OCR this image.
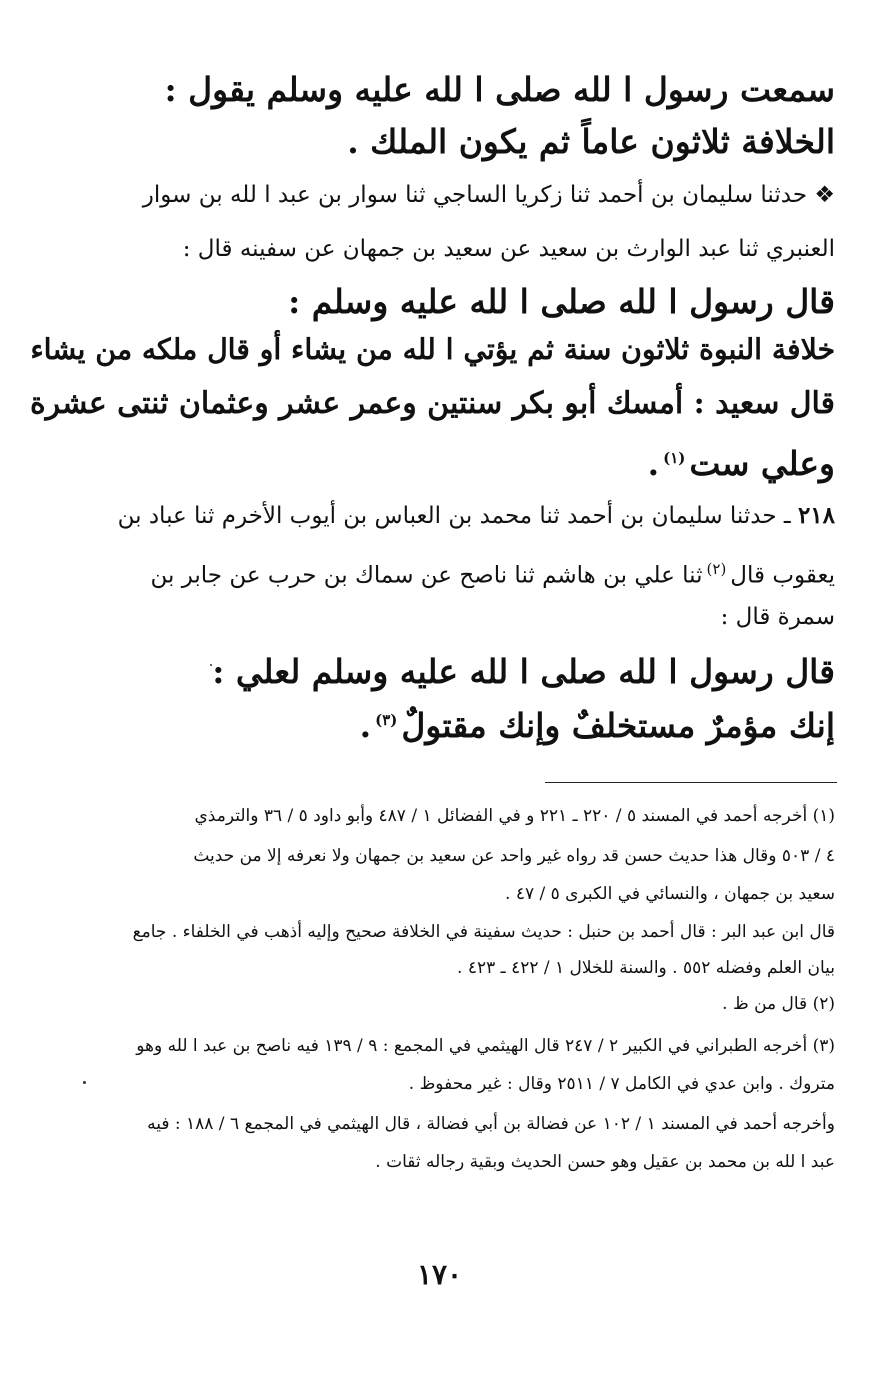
سمعت رسول ا لله صلى ا لله عليه وسلم يقول :
الخلافة ثلاثون عاماً ثم يكون الملك .
❖ حدثنا سليمان بن أحمد ثنا زكريا الساجي ثنا سوار بن عبد ا لله بن سوار
العنبري ثنا عبد الوارث بن سعيد عن سعيد بن جمهان عن سفينه قال :
قال رسول ا لله صلى ا لله عليه وسلم :
خلافة النبوة ثلاثون سنة ثم يؤتي ا لله من يشاء أو قال ملكه من يشاء
قال سعيد : أمسك أبو بكر سنتين وعمر عشر وعثمان ثنتى عشرة
وعلي ست$^{(١)}$.
٢١٨ ـ حدثنا سليمان بن أحمد ثنا محمد بن العباس بن أيوب الأخرم ثنا عباد بن
يعقوب قال$^{(٢)}$ثنا علي بن هاشم ثنا ناصح عن سماك بن حرب عن جابر بن
سمرة قال :
قال رسول ا لله صلى ا لله عليه وسلم لعلي :
إنك مؤمرٌ مستخلفٌ وإنك مقتولٌ$^{(٣)}$.
(١) أخرجه أحمد في المسند ٥ / ٢٢٠ ـ ٢٢١ و في الفضائل ١ / ٤٨٧ وأبو داود ٥ / ٣٦ والترمذي
٤ / ٥٠٣ وقال هذا حديث حسن قد رواه غير واحد عن سعيد بن جمهان ولا نعرفه إلا من حديث
سعيد بن جمهان ، والنسائي في الكبرى ٥ / ٤٧ .
قال ابن عبد البر : قال أحمد بن حنبل : حديث سفينة في الخلافة صحيح وإليه أذهب في الخلفاء . جامع
بيان العلم وفضله ٥٥٢ . والسنة للخلال ١ / ٤٢٢ ـ ٤٢٣ .
(٢) قال من ظ .
(٣) أخرجه الطبراني في الكبير ٢ / ٢٤٧ قال الهيثمي في المجمع : ٩ / ١٣٩ فيه ناصح بن عبد ا لله وهو
متروك . وابن عدي في الكامل ٧ / ٢٥١١ وقال : غير محفوظ .
وأخرجه أحمد في المسند ١ / ١٠٢ عن فضالة بن أبي فضالة ، قال الهيثمي في المجمع ٦ / ١٨٨ : فيه
عبد ا لله بن محمد بن عقيل وهو حسن الحديث وبقية رجاله ثقات .
١٧٠
